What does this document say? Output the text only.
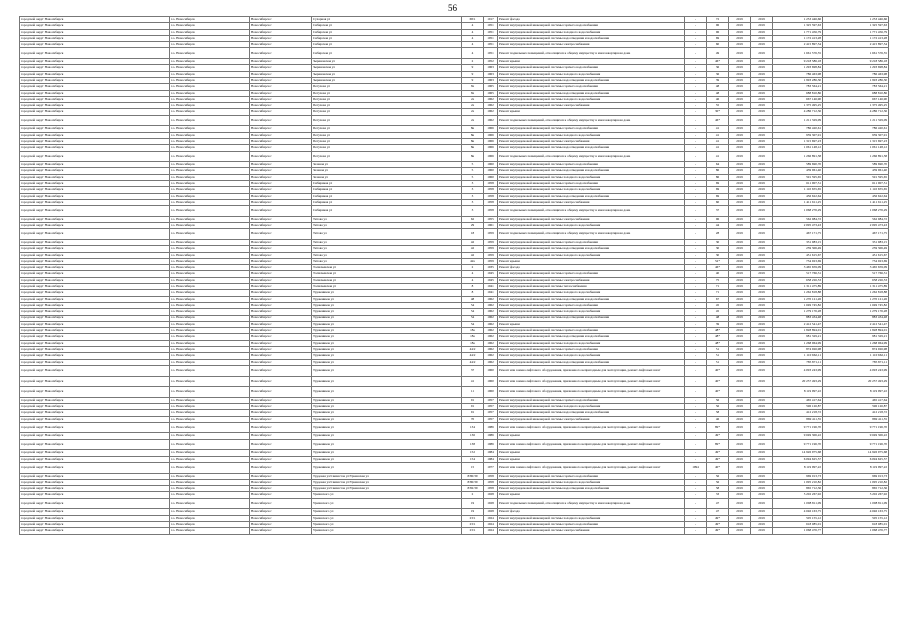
56
городской округ Новосибирск	г.о. Новосибирск	Новосибирск г	Сухарная ул	68/1	1917	Ремонт фасада	-	72	2019	2019	1 253 446,66	1 253 446,66
городской округ Новосибирск	г.о. Новосибирск	Новосибирск г	Сибирская ул	4	1951	Ремонт внутридомовой инженерной системы горячего водоснабжения	-	96	2019	2019	1 325 597,63	1 325 597,63
городской округ Новосибирск	г.о. Новосибирск	Новосибирск г	Сибирская ул	4	1951	Ремонт внутридомовой инженерной системы холодного водоснабжения	-	96	2019	2019	1 771 456,79	1 771 456,79
городской округ Новосибирск	г.о. Новосибирск	Новосибирск г	Сибирская ул	4	1951	Ремонт внутридомовой инженерной системы водоотведения и водоснабжения	-	69	2019	2019	1 172 413,28	1 172 413,28
городской округ Новосибирск	г.о. Новосибирск	Новосибирск г	Сибирская ул	4	1951	Ремонт внутридомовой инженерной системы электроснабжения	-	60	2019	2019	2 415 897,54	2 415 897,54
городской округ Новосибирск	г.о. Новосибирск	Новосибирск г	Сибирская ул	4	1951	Ремонт подвальных помещений, относящихся к общему имуществу в многоквартирном доме	-	49	2019	2019	1 661 576,55	1 661 576,55
городской округ Новосибирск	г.о. Новосибирск	Новосибирск г	Зыряновская ул	2	1952	Ремонт крыши	-	46*	2019	2019	9 218 586,18	9 218 586,18
городской округ Новосибирск	г.о. Новосибирск	Новосибирск г	Зыряновская ул	9	1963	Ремонт внутридомовой инженерной системы горячего водоснабжения	-	36	2019	2019	1 293 698,84	1 293 698,84
городской округ Новосибирск	г.о. Новосибирск	Новосибирск г	Зыряновская ул	9	1963	Ремонт внутридомовой инженерной системы холодного водоснабжения	-	36	2019	2019	786 463,98	786 463,98
городской округ Новосибирск	г.о. Новосибирск	Новосибирск г	Зыряновская ул	9	1963	Ремонт внутридомовой инженерной системы водоотведения и водоснабжения	-	39	2019	2019	1 993 286,30	1 993 286,30
городской округ Новосибирск	г.о. Новосибирск	Новосибирск г	Петухова ул	8а	1965	Ремонт внутридомовой инженерной системы горячего водоснабжения	-	48	2019	2019	783 564,21	783 564,21
городской округ Новосибирск	г.о. Новосибирск	Новосибирск г	Петухова ул	8а	1965	Ремонт внутридомовой инженерной системы водоотведения и водоснабжения	-	48	2019	2019	688 810,86	688 810,86
городской округ Новосибирск	г.о. Новосибирск	Новосибирск г	Петухова ул	2а	1962	Ремонт внутридомовой инженерной системы холодного водоснабжения	-	46	2019	2019	667 146,90	667 146,90
городской округ Новосибирск	г.о. Новосибирск	Новосибирск г	Петухова ул	2а	1962	Ремонт внутридомовой инженерной системы электроснабжения	-	55	2019	2019	1 375 495,25	1 375 495,25
городской округ Новосибирск	г.о. Новосибирск	Новосибирск г	Петухова ул	2а	1962	Ремонт крыши	-	30*	2019	2019	4 286 712,36	4 286 712,36
городской округ Новосибирск	г.о. Новосибирск	Новосибирск г	Петухова ул	2а	1962	Ремонт подвальных помещений, относящихся к общему имуществу в многоквартирном доме	-	46*	2019	2019	1 211 329,09	1 211 329,09
городской округ Новосибирск	г.о. Новосибирск	Новосибирск г	Петухова ул	8в	1966	Ремонт внутридомовой инженерной системы горячего водоснабжения	-	41	2019	2019	786 420,61	786 420,61
городской округ Новосибирск	г.о. Новосибирск	Новосибирск г	Петухова ул	8в	1966	Ремонт внутридомовой инженерной системы холодного водоснабжения	-	41	2019	2019	959 307,91	959 307,91
городской округ Новосибирск	г.о. Новосибирск	Новосибирск г	Петухова ул	8в	1966	Ремонт внутридомовой инженерной системы электроснабжения	-	41	2019	2019	1 315 697,23	1 315 697,23
городской округ Новосибирск	г.о. Новосибирск	Новосибирск г	Петухова ул	8в	1966	Ремонт внутридомовой инженерной системы водоотведения и водоснабжения	-	41	2019	2019	1 061 148,12	1 061 148,12
городской округ Новосибирск	г.о. Новосибирск	Новосибирск г	Петухова ул	8в	1966	Ремонт подвальных помещений, относящихся к общему имуществу в многоквартирном доме	-	41	2019	2019	1 266 891,58	1 266 891,58
городской округ Новосибирск	г.о. Новосибирск	Новосибирск г	Зеленая ул	5	1960	Ремонт внутридомовой инженерной системы горячего водоснабжения	-	64	2019	2019	589 690,70	589 690,70
городской округ Новосибирск	г.о. Новосибирск	Новосибирск г	Зеленая ул	5	1960	Ремонт внутридомовой инженерной системы водоотведения и водоснабжения	-	86	2019	2019	439 961,40	439 961,40
городской округ Новосибирск	г.о. Новосибирск	Новосибирск г	Зеленая ул	5	1960	Ремонт внутридомовой инженерной системы холодного водоснабжения	-	86	2019	2019	591 595,65	591 595,65
городской округ Новосибирск	г.о. Новосибирск	Новосибирск г	Сибиряков ул	3	1958	Ремонт внутридомовой инженерной системы горячего водоснабжения	-	69	2019	2019	611 907,51	611 907,51
городской округ Новосибирск	г.о. Новосибирск	Новосибирск г	Сибиряков ул	3	1958	Ремонт внутридомовой инженерной системы холодного водоснабжения	-	69	2019	2019	1 110 655,65	1 110 655,65
городской округ Новосибирск	г.о. Новосибирск	Новосибирск г	Сибиряков ул	3	1958	Ремонт внутридомовой инженерной системы водоотведения и водоснабжения	-	69	2019	2019	456 622,64	456 622,64
городской округ Новосибирск	г.о. Новосибирск	Новосибирск г	Сибиряков ул	3	1958	Ремонт внутридомовой инженерной системы электроснабжения	-	60	2019	2019	1 411 611,25	1 411 611,25
городской округ Новосибирск	г.о. Новосибирск	Новосибирск г	Сибиряков ул	3	1958	Ремонт подвальных помещений, относящихся к общему имуществу в многоквартирном доме	-	37	2019	2019	1 068 276,29	1 068 276,29
городской округ Новосибирск	г.о. Новосибирск	Новосибирск г	Титова ул	62	1955	Ремонт внутридомовой инженерной системы электроснабжения	-	96	2019	2019	562 984,72	562 984,72
городской округ Новосибирск	г.о. Новосибирск	Новосибирск г	Титова ул	29	1961	Ремонт внутридомовой инженерной системы холодного водоснабжения	-	44	2019	2019	2 095 473,43	2 095 473,43
городской округ Новосибирск	г.о. Новосибирск	Новосибирск г	Титова ул	18	1959	Ремонт подвальных помещений, относящихся к общему имуществу в многоквартирном доме	-	28	2019	2019	467 171,75	467 171,75
городской округ Новосибирск	г.о. Новосибирск	Новосибирск г	Титова ул	42	1959	Ремонт внутридомовой инженерной системы горячего водоснабжения	-	30	2019	2019	331 983,15	331 983,15
городской округ Новосибирск	г.о. Новосибирск	Новосибирск г	Титова ул	42	1959	Ремонт внутридомовой инженерной системы водоотведения и водоснабжения	-	30	2019	2019	259 306,49	259 306,49
городской округ Новосибирск	г.о. Новосибирск	Новосибирск г	Титова ул	42	1959	Ремонт внутридомовой инженерной системы холодного водоснабжения	-	30	2019	2019	451 615,67	451 615,67
городской округ Новосибирск	г.о. Новосибирск	Новосибирск г	Титова ул	42а	1959	Ремонт крыши	-	52*	2019	2019	734 923,69	734 923,69
городской округ Новосибирск	г.о. Новосибирск	Новосибирск г	Толмачевская ул	2	1935	Ремонт фасада	-	46*	2019	2019	3 465 659,09	3 465 659,09
городской округ Новосибирск	г.о. Новосибирск	Новосибирск г	Толмачевская ул	4	1945	Ремонт внутридомовой инженерной системы горячего водоснабжения	-	40	2019	2019	517 766,31	517 766,31
городской округ Новосибирск	г.о. Новосибирск	Новосибирск г	Толмачевская ул	4	1945	Ремонт внутридомовой инженерной системы электроснабжения	-	75	2019	2019	658 226,53	658 226,53
городской округ Новосибирск	г.о. Новосибирск	Новосибирск г	Толмачевская ул	8	1941	Ремонт внутридомовой инженерной системы теплоснабжения	-	71	2019	2019	1 311 475,89	1 311 475,89
городской округ Новосибирск	г.о. Новосибирск	Новосибирск г	Тружеников ул	8	1941	Ремонт внутридомовой инженерной системы холодного водоснабжения	-	71	2019	2019	1 262 818,88	1 262 818,88
городской округ Новосибирск	г.о. Новосибирск	Новосибирск г	Тружеников ул	48	1962	Ремонт внутридомовой инженерной системы водоотведения и водоснабжения	-	67	2019	2019	1 270 121,26	1 270 121,26
городской округ Новосибирск	г.о. Новосибирск	Новосибирск г	Тружеников ул	54	1962	Ремонт внутридомовой инженерной системы горячего водоснабжения	-	45	2019	2019	1 049 745,82	1 049 745,82
городской округ Новосибирск	г.о. Новосибирск	Новосибирск г	Тружеников ул	54	1962	Ремонт внутридомовой инженерной системы холодного водоснабжения	-	45	2019	2019	1 279 176,28	1 279 176,28
городской округ Новосибирск	г.о. Новосибирск	Новосибирск г	Тружеников ул	54	1962	Ремонт внутридомовой инженерной системы водоотведения и водоснабжения	-	48	2019	2019	883 434,48	883 434,48
городской округ Новосибирск	г.о. Новосибирск	Новосибирск г	Тружеников ул	54	1962	Ремонт крыши	-	39	2019	2019	2 412 541,47	2 412 541,47
городской округ Новосибирск	г.о. Новосибирск	Новосибирск г	Тружеников ул	18а	1962	Ремонт внутридомовой инженерной системы горячего водоснабжения	-	48*	2019	2019	1 828 894,01	1 828 894,01
городской округ Новосибирск	г.о. Новосибирск	Новосибирск г	Тружеников ул	18а	1962	Ремонт внутридомовой инженерной системы водоотведения и водоснабжения	-	48*	2019	2019	981 329,21	981 329,21
городской округ Новосибирск	г.о. Новосибирск	Новосибирск г	Тружеников ул	18а	1962	Ремонт внутридомовой инженерной системы холодного водоснабжения	-	48*	2019	2019	1 268 964,99	1 268 964,99
городской округ Новосибирск	г.о. Новосибирск	Новосибирск г	Тружеников ул	44/2	1962	Ремонт внутридомовой инженерной системы горячего водоснабжения	-	51	2019	2019	874 926,98	874 926,98
городской округ Новосибирск	г.о. Новосибирск	Новосибирск г	Тружеников ул	44/2	1962	Ремонт внутридомовой инженерной системы холодного водоснабжения	-	51	2019	2019	1 110 662,11	1 110 662,11
городской округ Новосибирск	г.о. Новосибирск	Новосибирск г	Тружеников ул	44/2	1962	Ремонт внутридомовой инженерной системы водоотведения и водоснабжения	-	51	2019	2019	785 871,11	785 871,11
городской округ Новосибирск	г.о. Новосибирск	Новосибирск г	Тружеников ул	37	1960	Ремонт или замена лифтового оборудования, признанного непригодным для эксплуатации, ремонт лифтовых шахт	-	40*	2019	2019	4 093 243,99	4 093 243,99
городской округ Новосибирск	г.о. Новосибирск	Новосибирск г	Тружеников ул	41	1960	Ремонт или замена лифтового оборудования, признанного непригодным для эксплуатации, ремонт лифтовых шахт	-	40*	2019	2019	20 257 493,29	20 257 493,29
городской округ Новосибирск	г.о. Новосибирск	Новосибирск г	Тружеников ул	11	1960	Ремонт или замена лифтового оборудования, признанного непригодным для эксплуатации, ремонт лифтовых шахт	-	40*	2019	2019	8 119 997,22	8 119 997,22
городской округ Новосибирск	г.о. Новосибирск	Новосибирск г	Тружеников ул	91	1957	Ремонт внутридомовой инженерной системы горячего водоснабжения	-	56	2019	2019	465 417,64	465 417,64
городской округ Новосибирск	г.о. Новосибирск	Новосибирск г	Тружеников ул	91	1957	Ремонт внутридомовой инженерной системы холодного водоснабжения	-	56	2019	2019	596 126,87	596 126,87
городской округ Новосибирск	г.о. Новосибирск	Новосибирск г	Тружеников ул	91	1957	Ремонт внутридомовой инженерной системы водоотведения и водоснабжения	-	58	2019	2019	412 218,72	412 218,72
городской округ Новосибирск	г.о. Новосибирск	Новосибирск г	Тружеников ул	70	1957	Ремонт внутридомовой инженерной системы электроснабжения	-	46	2019	2019	869 411,55	869 411,55
городской округ Новосибирск	г.о. Новосибирск	Новосибирск г	Тружеников ул	134	1986	Ремонт или замена лифтового оборудования, признанного непригодным для эксплуатации, ремонт лифтовых шахт	-	89*	2019	2019	9 771 196,70	9 771 196,70
городской округ Новосибирск	г.о. Новосибирск	Новосибирск г	Тружеников ул	136	1986	Ремонт крыши	-	49*	2019	2019	9 049 306,22	9 049 306,22
городской округ Новосибирск	г.о. Новосибирск	Новосибирск г	Тружеников ул	138	1986	Ремонт или замена лифтового оборудования, признанного непригодным для эксплуатации, ремонт лифтовых шахт	-	89*	2019	2019	9 771 196,70	9 771 196,70
городской округ Новосибирск	г.о. Новосибирск	Новосибирск г	Тружеников ул	152	1984	Ремонт крыши	-	49*	2019	2019	14 926 975,68	14 926 975,68
городской округ Новосибирск	г.о. Новосибирск	Новосибирск г	Тружеников ул	154	1984	Ремонт крыши	-	49*	2019	2019	6 094 625,57	6 094 625,57
городской округ Новосибирск	г.о. Новосибирск	Новосибирск г	Тружеников ул	15	1977	Ремонт или замена лифтового оборудования, признанного непригодным для эксплуатации, ремонт лифтовых шахт	1994	40*	2019	2019	8 119 997,22	8 119 997,22
городской округ Новосибирск	г.о. Новосибирск	Новосибирск г	Трудовая ул/Связистов ул/Урманская ул	8/80/39	1958	Ремонт внутридомовой инженерной системы горячего водоснабжения	-	56	2019	2019	969 013,73	969 013,73
городской округ Новосибирск	г.о. Новосибирск	Новосибирск г	Трудовая ул/Связистов ул/Урманская ул	8/80/39	1958	Ремонт внутридомовой инженерной системы холодного водоснабжения	-	56	2019	2019	1 095 210,82	1 095 210,82
городской округ Новосибирск	г.о. Новосибирск	Новосибирск г	Трудовая ул/Связистов ул/Урманская ул	8/82/39	1958	Ремонт внутридомовой инженерной системы водоотведения и водоснабжения	-	58	2019	2019	865 712,36	865 712,36
городской округ Новосибирск	г.о. Новосибирск	Новосибирск г	Урманского ул	2	1928	Ремонт крыши	-	33	2019	2019	5 202 267,92	5 202 267,92
городской округ Новосибирск	г.о. Новосибирск	Новосибирск г	Урманского ул	19	1928	Ремонт подвальных помещений, относящихся к общему имуществу в многоквартирном доме	-	47	2019	2019	1 098 811,09	1 098 811,09
городской округ Новосибирск	г.о. Новосибирск	Новосибирск г	Урманского ул	19	1928	Ремонт фасада	-	47	2019	2019	4 046 163,75	4 046 163,75
городской округ Новосибирск	г.о. Новосибирск	Новосибирск г	Урманского ул	23/1	1924	Ремонт внутридомовой инженерной системы холодного водоснабжения	-	49*	2019	2019	505 155,12	505 155,12
городской округ Новосибирск	г.о. Новосибирск	Новосибирск г	Урманского ул	23/1	1924	Ремонт внутридомовой инженерной системы горячего водоснабжения	-	49*	2019	2019	618 085,01	618 085,01
городской округ Новосибирск	г.о. Новосибирск	Новосибирск г	Урманского ул	23/1	1924	Ремонт внутридомовой инженерной системы электроснабжения	-	49*	2019	2019	1 068 476,77	1 068 476,77
